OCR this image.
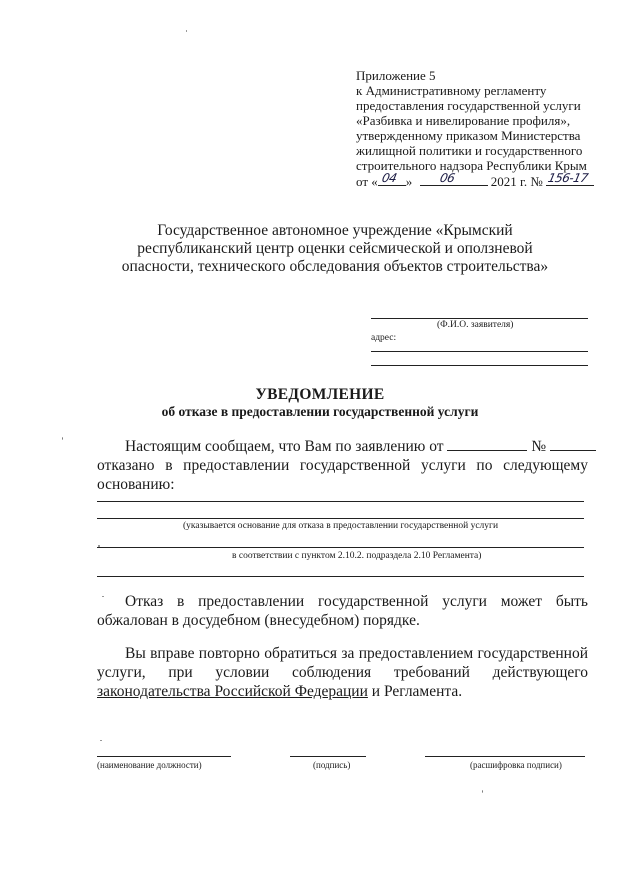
Приложение 5
к Административному регламенту
предоставления государственной услуги
«Разбивка и нивелирование профиля»,
утвержденному приказом Министерства
жилищной политики и государственного
строительного надзора Республики Крым
от « 04 » 06	2021 г. № 156-17
Государственное автономное учреждение «Крымский республиканский центр оценки сейсмической и оползневой опасности, технического обследования объектов строительства»
(Ф.И.О. заявителя)
адрес:
УВЕДОМЛЕНИЕ
об отказе в предоставлении государственной услуги
Настоящим сообщаем, что Вам по заявлению от	№
отказано в предоставлении государственной услуги по следующему основанию:
(указывается основание для отказа в предоставлении государственной услуги
в соответствии с пунктом 2.10.2. подраздела 2.10 Регламента)
Отказ в предоставлении государственной услуги может быть обжалован в досудебном (внесудебном) порядке.
Вы вправе повторно обратиться за предоставлением государственной услуги, при условии соблюдения требований действующего законодательства Российской Федерации и Регламента.
(наименование должности)	(подпись)	(расшифровка подписи)
